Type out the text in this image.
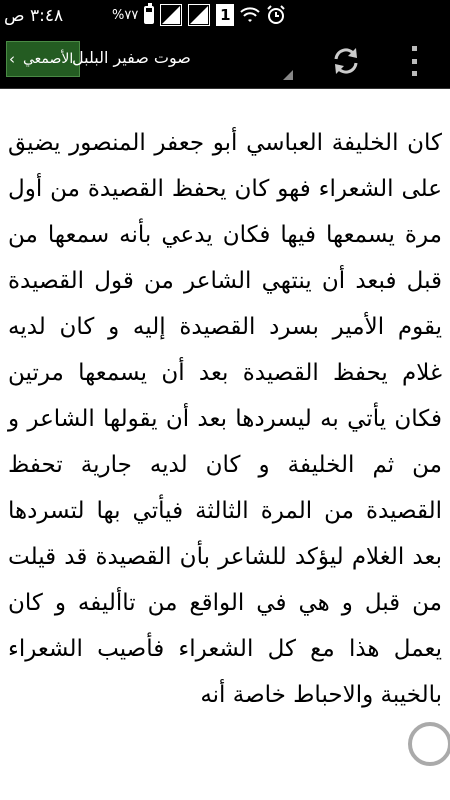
٣:٤٨ ص	%٧٧	1
‹ الأصمعي
صوت صفير البلبل

كان الخليفة العباسي أبو جعفر المنصور يضيق على الشعراء فهو كان يحفظ القصيدة من أول مرة يسمعها فيها فكان يدعي بأنه سمعها من قبل فبعد أن ينتهي الشاعر من قول القصيدة يقوم الأمير بسرد القصيدة إليه و كان لديه غلام يحفظ القصيدة بعد أن يسمعها مرتين فكان يأتي به ليسردها بعد أن يقولها الشاعر و من ثم الخليفة و كان لديه جارية تحفظ القصيدة من المرة الثالثة فيأتي بها لتسردها بعد الغلام ليؤكد للشاعر بأن القصيدة قد قيلت من قبل و هي في الواقع من تاأليفه و كان يعمل هذا مع كل الشعراء فأصيب الشعراء بالخيبة والاحباط خاصة أنه
